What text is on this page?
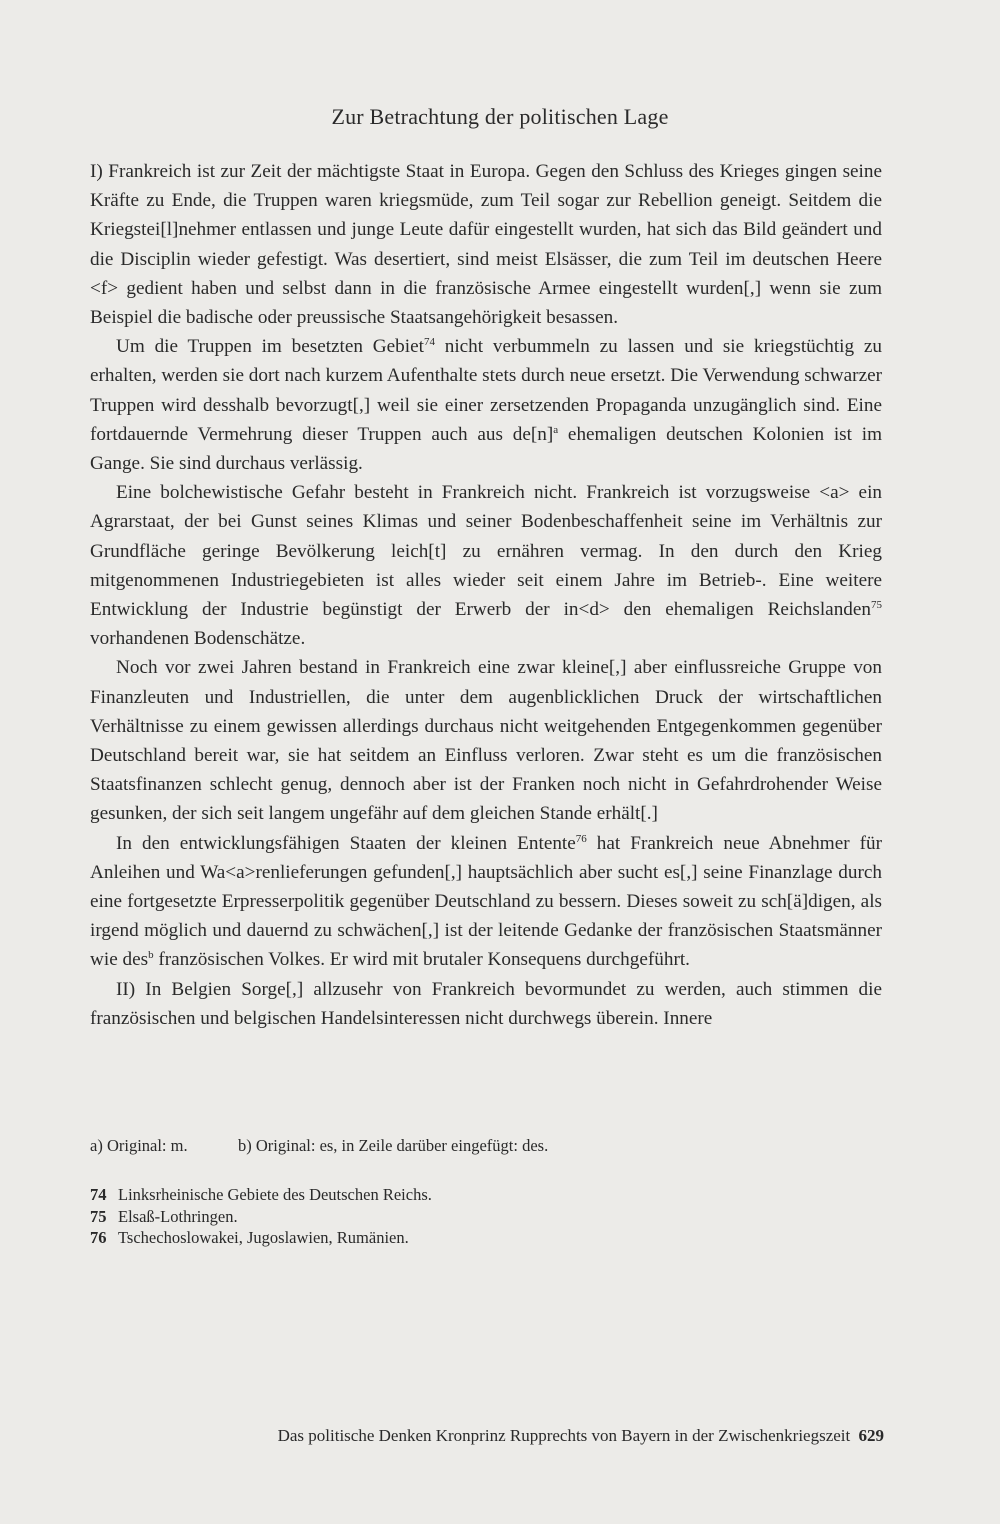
Zur Betrachtung der politischen Lage

I) Frankreich ist zur Zeit der mächtigste Staat in Europa. Gegen den Schluss des Krieges gingen seine Kräfte zu Ende, die Truppen waren kriegsmüde, zum Teil sogar zur Rebellion geneigt. Seitdem die Kriegstei[l]nehmer entlassen und junge Leute dafür eingestellt wurden, hat sich das Bild geändert und die Disciplin wieder gefestigt. Was desertiert, sind meist Elsässer, die zum Teil im deutschen Heere <f> gedient haben und selbst dann in die französische Armee eingestellt wurden[,] wenn sie zum Beispiel die badische oder preussische Staatsangehörigkeit besassen.

Um die Truppen im besetzten Gebiet$^{74}$ nicht verbummeln zu lassen und sie kriegstüchtig zu erhalten, werden sie dort nach kurzem Aufenthalte stets durch neue ersetzt. Die Verwendung schwarzer Truppen wird desshalb bevorzugt[,] weil sie einer zersetzenden Propaganda unzugänglich sind. Eine fortdauernde Vermehrung dieser Truppen auch aus $de[n]^a$ ehemaligen deutschen Kolonien ist im Gange. Sie sind durchaus verlässig.

Eine bolchewistische Gefahr besteht in Frankreich nicht. Frankreich ist vorzugsweise <a> ein Agrarstaat, der bei Gunst seines Klimas und seiner Bodenbeschaffenheit seine im Verhältnis zur Grundfläche geringe Bevölkerung leich[t] zu ernähren vermag. In den durch den Krieg mitgenommenen Industriegebieten ist alles wieder seit einem Jahre im Betrieb-. Eine weitere Entwicklung der Industrie begünstigt der Erwerb der in<d> den ehemaligen Reichslanden$^{75}$ vorhandenen Bodenschätze.

Noch vor zwei Jahren bestand in Frankreich eine zwar kleine[,] aber einflussreiche Gruppe von Finanzleuten und Industriellen, die unter dem augenblicklichen Druck der wirtschaftlichen Verhältnisse zu einem gewissen allerdings durchaus nicht weitgehenden Entgegenkommen gegenüber Deutschland bereit war, sie hat seitdem an Einfluss verloren. Zwar steht es um die französischen Staatsfinanzen schlecht genug, dennoch aber ist der Franken noch nicht in Gefahrdrohender Weise gesunken, der sich seit langem ungefähr auf dem gleichen Stande erhält[.]

In den entwicklungsfähigen Staaten der kleinen Entente$^{76}$ hat Frankreich neue Abnehmer für Anleihen und Wa<a>renlieferungen gefunden[,] hauptsächlich aber sucht es[,] seine Finanzlage durch eine fortgesetzte Erpresserpolitik gegenüber Deutschland zu bessern. Dieses soweit zu sch[ä]digen, als irgend möglich und dauernd zu schwächen[,] ist der leitende Gedanke der französischen Staatsmänner wie des$^b$ französischen Volkes. Er wird mit brutaler Konsequens durchgeführt.

II) In Belgien Sorge[,] allzusehr von Frankreich bevormundet zu werden, auch stimmen die französischen und belgischen Handelsinteressen nicht durchwegs überein. Innere

a) Original: m.	b) Original: es, in Zeile darüber eingefügt: des.
74 Linksrheinische Gebiete des Deutschen Reichs.
75 Elsaß-Lothringen.
76 Tschechoslowakei, Jugoslawien, Rumänien.
Das politische Denken Kronprinz Rupprechts von Bayern in der Zwischenkriegszeit 629
